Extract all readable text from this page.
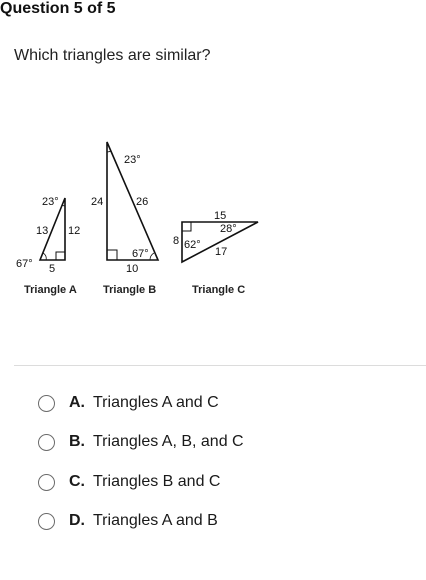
Question 5 of 5
Which triangles are similar?
23°
13 12
67° 5
Triangle A
23°
24	26
67°
10
Triangle B
15
28°
8 62°
17
Triangle C
A. Triangles A and C
B. Triangles A, B, and C
C. Triangles B and C
D. Triangles A and B
